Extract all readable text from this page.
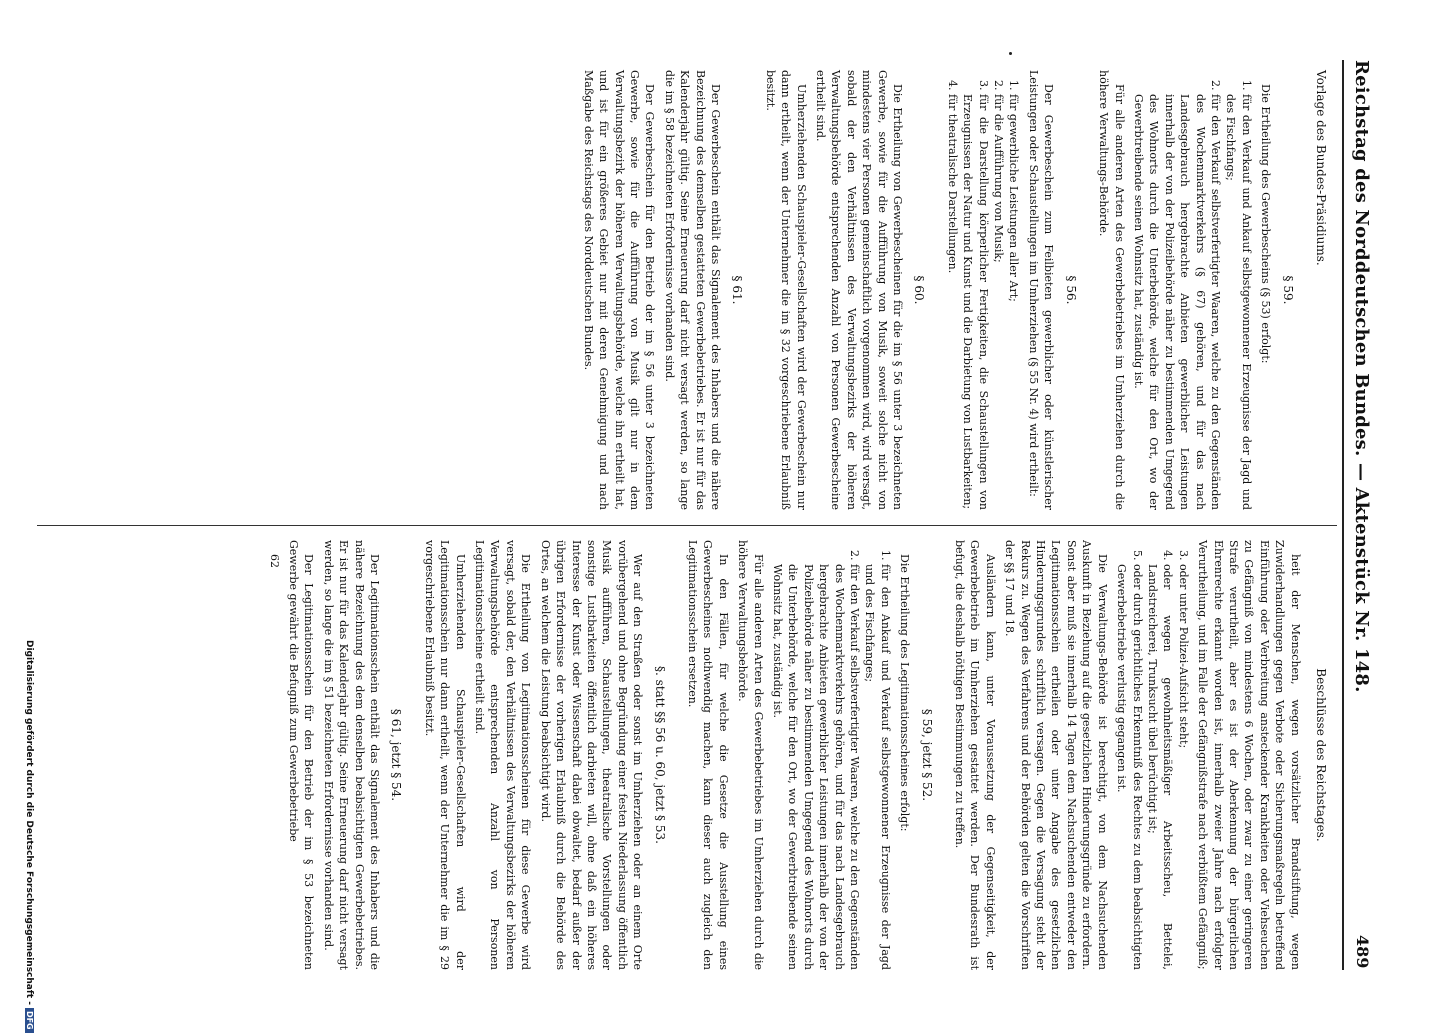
Reichstag des Norddeutschen Bundes. — Aktenstück Nr. 148.
489
Vorlage des Bundes-Präsidiums.
§ 59.

Die Ertheilung des Gewerbescheins (§ 53) erfolgt:

1.für den Verkauf und Ankauf selbstgewonnener Erzeugnisse der Jagd und des Fischfangs;
2.für den Verkauf selbstverfertigter Waaren, welche zu den Gegenständen des Wochenmarktverkehrs (§ 67) gehören, und für das nach Landesgebrauch hergebrachte Anbieten gewerblicher Leistungen innerhalb der von der Polizeibehörde näher zu bestimmenden Umgegend des Wohnorts durch die Unterbehörde, welche für den Ort, wo der Gewerbtreibende seinen Wohnsitz hat, zuständig ist.

Für alle anderen Arten des Gewerbebetriebes im Umherziehen durch die höhere Verwaltungs-Behörde.

§ 56.

Der Gewerbeschein zum Feilbieten gewerblicher oder künstlerischer Leistungen oder Schaustellungen im Umherziehen (§ 55 Nr. 4) wird ertheilt:

1.für gewerbliche Leistungen aller Art;
2.für die Aufführung von Musik;
3.für die Darstellung körperlicher Fertigkeiten, die Schaustellungen von Erzeugnissen der Natur und Kunst und die Darbietung von Lustbarkeiten;
4.für theatralische Darstellungen.
§ 60.

Die Ertheilung von Gewerbescheinen für die im § 56 unter 3 bezeichneten Gewerbe, sowie für die Aufführung von Musik, soweit solche nicht von mindestens vier Personen gemeinschaftlich vorgenommen wird, wird versagt, sobald der den Verhältnissen des Verwaltungsbezirks der höheren Verwaltungsbehörde entsprechenden Anzahl von Personen Gewerbescheine ertheilt sind.

Umherziehenden Schauspieler-Gesellschaften wird der Gewerbeschein nur dann ertheilt, wenn der Unternehmer die im § 32 vorgeschriebene Erlaubniß besitzt.

§ 61.

Der Gewerbeschein enthält das Signalement des Inhabers und die nähere Bezeichnung des demselben gestatteten Gewerbebetriebes. Er ist nur für das Kalenderjahr gültig. Seine Erneuerung darf nicht versagt werden, so lange die im § 58 bezeichneten Erfordernisse vorhanden sind.

Der Gewerbeschein für den Betrieb der im § 56 unter 3 bezeichneten Gewerbe, sowie für die Aufführung von Musik gilt nur in dem Verwaltungsbezirk der höheren Verwaltungsbehörde, welche ihn ertheilt hat, und ist für ein größeres Gebiet nur mit deren Genehmigung und nach Maßgabe des Reichstags des Norddeutschen Bundes.

Beschlüsse des Reichstages.

heit der Menschen, wegen vorsätzlicher Brandstiftung, wegen Zuwiderhandlungen gegen Verbote oder Sicherungsmaßregeln betreffend Einführung oder Verbreitung ansteckender Krankheiten oder Viehseuchen zu Gefängniß von mindestens 6 Wochen, oder zwar zu einer geringeren Strafe verurtheilt, aber es ist der Aberkennung der bürgerlichen Ehrenrechte erkannt worden ist, innerhalb zweier Jahre nach erfolgter Verurtheilung, und im Falle der Gefängnißstrafe nach verbüßtem Gefängniß;

3.oder unter Polizei-Aufsicht steht;
4.oder wegen gewohnheitsmäßiger Arbeitsscheu, Bettelei, Landstreicherei, Trunksucht übel berüchtigt ist;
5.oder durch gerichtliches Erkenntniß des Rechtes zu dem beabsichtigten Gewerbebetriebe verlustig gegangen ist.

Die Verwaltungs-Behörde ist berechtigt, von dem Nachsuchenden Auskunft in Beziehung auf die gesetzlichen Hinderungsgründe zu erfordern. Sonst aber muß sie innerhalb 14 Tagen dem Nachsuchenden entweder den Legitimationsschein ertheilen oder unter Angabe des gesetzlichen Hinderungsgrundes schriftlich versagen. Gegen die Versagung steht der Rekurs zu. Wegen des Verfahrens und der Behörden gelten die Vorschriften der §§ 17 und 18.

Ausländern kann, unter Voraussetzung der Gegenseitigkeit, der Gewerbebetrieb im Umherziehen gestattet werden. Der Bundesrath ist befugt, die deshalb nöthigen Bestimmungen zu treffen.

§ 59, jetzt § 52.

Die Ertheilung des Legitimationsscheines erfolgt:

1.für den Ankauf und Verkauf selbstgewonnener Erzeugnisse der Jagd und des Fischfanges;
2.für den Verkauf selbstverfertigter Waaren, welche zu den Gegenständen des Wochenmarktverkehrs gehören, und für das nach Landesgebrauch hergebrachte Anbieten gewerblicher Leistungen innerhalb der von der Polizeibehörde näher zu bestimmenden Umgegend des Wohnorts durch die Unterbehörde, welche für den Ort, wo der Gewerbtreibende seinen Wohnsitz hat, zuständig ist.

Für alle anderen Arten des Gewerbebetriebes im Umherziehen durch die höhere Verwaltungsbehörde.

In den Fällen, für welche die Gesetze die Ausstellung eines Gewerbescheines nothwendig machen, kann dieser auch zugleich den Legitimationsschein ersetzen.

§. statt §§ 56 u. 60, jetzt § 53.

Wer auf den Straßen oder sonst im Umherziehen oder an einem Orte vorübergehend und ohne Begründung einer festen Niederlassung öffentlich Musik aufführen, Schaustellungen, theatralische Vorstellungen oder sonstige Lustbarkeiten öffentlich darbieten will, ohne daß ein höheres Interesse der Kunst oder Wissenschaft dabei obwaltet, bedarf außer der übrigen Erfordernisse der vorherigen Erlaubniß durch die Behörde des Ortes, an welchem die Leistung beabsichtigt wird.

Die Ertheilung von Legitimationsscheinen für diese Gewerbe wird versagt, sobald der, den Verhältnissen des Verwaltungsbezirks der höheren Verwaltungsbehörde entsprechenden Anzahl von Personen Legitimationsscheine ertheilt sind.

Umherziehenden Schauspieler-Gesellschaften wird der Legitimationsschein nur dann ertheilt, wenn der Unternehmer die im § 29 vorgeschriebene Erlaubniß besitzt.

§ 61, jetzt § 54.

Der Legitimationsschein enthält das Signalement des Inhabers und die nähere Bezeichnung des dem denselben beabsichtigten Gewerbebetriebes. Er ist nur für das Kalenderjahr gültig. Seine Erneuerung darf nicht versagt werden, so lange die im § 51 bezeichneten Erfordernisse vorhanden sind.

Der Legitimationsschein für den Betrieb der im § 53 bezeichneten Gewerbe gewährt die Befugniß zum Gewerbebetriebe

62

Digitalisierung gefördert durch die Deutsche Forschungsgemeinschaft -DFG
